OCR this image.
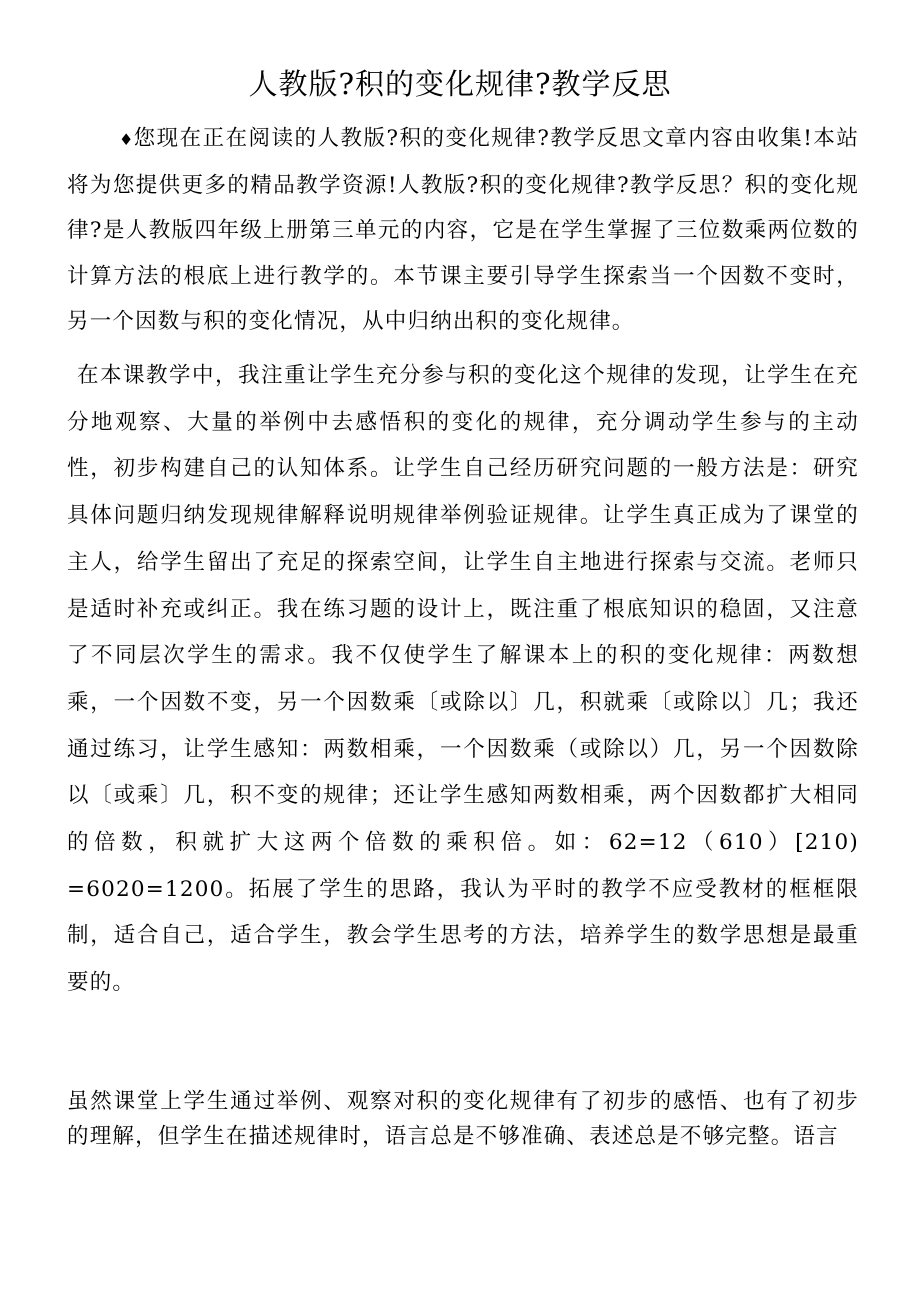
人教版?积的变化规律?教学反思

♦您现在正在阅读的人教版?积的变化规律?教学反思文章内容由收集!本站将为您提供更多的精品教学资源!人教版?积的变化规律?教学反思？积的变化规律?是人教版四年级上册第三单元的内容，它是在学生掌握了三位数乘两位数的计算方法的根底上进行教学的。本节课主要引导学生探索当一个因数不变时，另一个因数与积的变化情况，从中归纳出积的变化规律。

在本课教学中，我注重让学生充分参与积的变化这个规律的发现，让学生在充分地观察、大量的举例中去感悟积的变化的规律，充分调动学生参与的主动性，初步构建自己的认知体系。让学生自己经历研究问题的一般方法是：研究具体问题归纳发现规律解释说明规律举例验证规律。让学生真正成为了课堂的主人，给学生留出了充足的探索空间，让学生自主地进行探索与交流。老师只是适时补充或纠正。我在练习题的设计上，既注重了根底知识的稳固，又注意了不同层次学生的需求。我不仅使学生了解课本上的积的变化规律：两数想乘，一个因数不变，另一个因数乘〔或除以〕几，积就乘〔或除以〕几；我还通过练习，让学生感知：两数相乘，一个因数乘（或除以）几，另一个因数除以〔或乘〕几，积不变的规律；还让学生感知两数相乘，两个因数都扩大相同的倍数，积就扩大这两个倍数的乘积倍。如：62=12（610）[210) =6020=1200。拓展了学生的思路，我认为平时的教学不应受教材的框框限制，适合自己，适合学生，教会学生思考的方法，培养学生的数学思想是最重要的。

虽然课堂上学生通过举例、观察对积的变化规律有了初步的感悟、也有了初步的理解，但学生在描述规律时，语言总是不够准确、表述总是不够完整。语言
